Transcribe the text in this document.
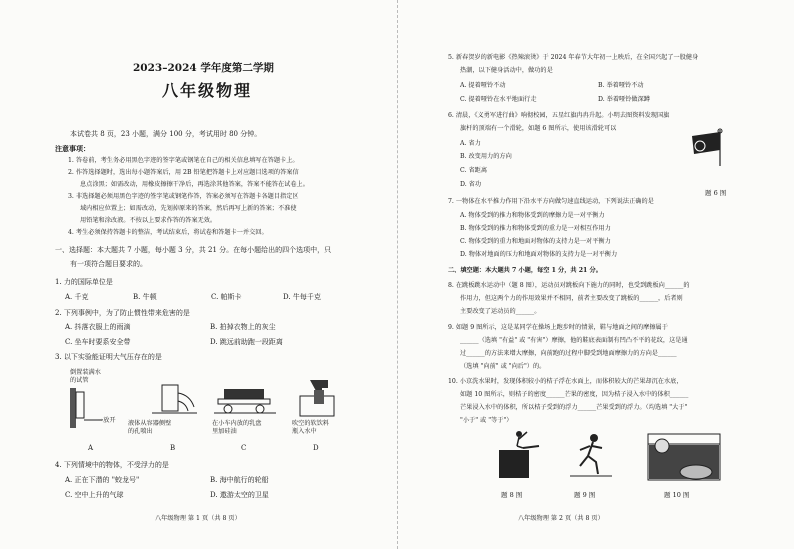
2023–2024 学年度第二学期
八年级物理
本试卷共 8 页，23 小题，满分 100 分，考试用时 80 分钟。
注意事项：
1. 答卷前，考生务必用黑色字迹的签字笔或钢笔在自己的相关信息填写在答题卡上。
2. 作答选择题时，选出每小题答案后，用 2B 铅笔把答题卡上对应题目选项的答案信
息点涂黑；如需改动，用橡皮擦擦干净后，再选涂其他答案，答案不能答在试卷上。
3. 非选择题必须用黑色字迹的签字笔或钢笔作答，答案必须写在答题卡各题目指定区
域内相应位置上；如需改动，先划掉原来的答案，然后再写上新的答案；不准使
用铅笔和涂改液。不按以上要求作答的答案无效。
4. 考生必须保持答题卡的整洁，考试结束后，将试卷和答题卡一并交回。
一、选择题：本大题共 7 小题，每小题 3 分，共 21 分。在每小题给出的四个选项中，只
有一项符合题目要求的。
1. 力的国际单位是
A. 千克	B. 牛顿	C. 帕斯卡	D. 牛每千克
2. 下列事例中，为了防止惯性带来危害的是
A. 抖落衣服上的雨滴	B. 拍掉衣物上的灰尘
C. 坐车时要系安全带	D. 跳远前助跑一段距离
3. 以下实验能证明大气压存在的是
倒置装满水
的试管
→放开 液体从容器侧壁
的孔喷出
在小车内放的乳盘
里加硅油
吹空的软饮料
瓶入水中
A	B	C	D
4. 下列情境中的物体，不受浮力的是
A. 正在下潜的 "蛟龙号"	B. 海中航行的轮船
C. 空中上升的气球	D. 遨游太空的卫星
八年级物理 第 1 页（共 8 页）
5. 新春贺岁的新电影《热辣滚烫》于 2024 年春节大年初一上映后，在全国兴起了一股健身
热潮，以下健身活动中，做功的是
A. 提着哑铃不动	B. 举着哑铃不动
C. 提着哑铃在水平地面行走	D. 举着哑铃做深蹲
6. 清晨，《义勇军进行曲》响彻校园，五星红旗冉冉升起。小明去图资料发现国旗
旗杆的顶端有一个滑轮，如题 6 图所示，使用该滑轮可以
A. 省力
B. 改变用力的方向
C. 省距离
D. 省功
题 6 图
7. 一物体在水平推力作用下沿水平方向做匀速直线运动，下列说法正确的是
A. 物体受到的推力和物体受到的摩擦力是一对平衡力
B. 物体受到的推力和物体受到的重力是一对相互作用力
C. 物体受到的重力和地面对物体的支持力是一对平衡力
D. 物体对地面的压力和地面对物体的支持力是一对平衡力
二、填空题：本大题共 7 小题，每空 1 分，共 21 分。
8. 在跳板跳水运动中（题 8 图），运动员对跳板向下施力的同时，也受到跳板向______的
作用力，但这两个力的作用效果并不相同，前者主要改变了跳板的______，后者则
主要改变了运动员的______。
9. 如题 9 图所示，这是某同学在操场上跑步时的情景，鞋与地面之间的摩擦属于
______（选填 "有益" 或 "有害"）摩擦，他的鞋底表面制有凹凸不平的花纹，这是通
过______的方法来增大摩擦，向前跑的过程中脚受到地面摩擦力的方向是______
（选填 "向前" 或 "向后"）的。
10. 小京洗水果时，发现体积较小的桔子浮在水面上，而体积较大的芒果却沉在水底，
如题 10 图所示，则桔子的密度______芒果的密度，因为桔子浸入水中的体积______
芒果浸入水中的体积，所以桔子受到的浮力______芒果受到的浮力。（均选填 "大于"
"小于" 或 "等于"）
题 8 图	题 9 图	题 10 图
八年级物理 第 2 页（共 8 页）
